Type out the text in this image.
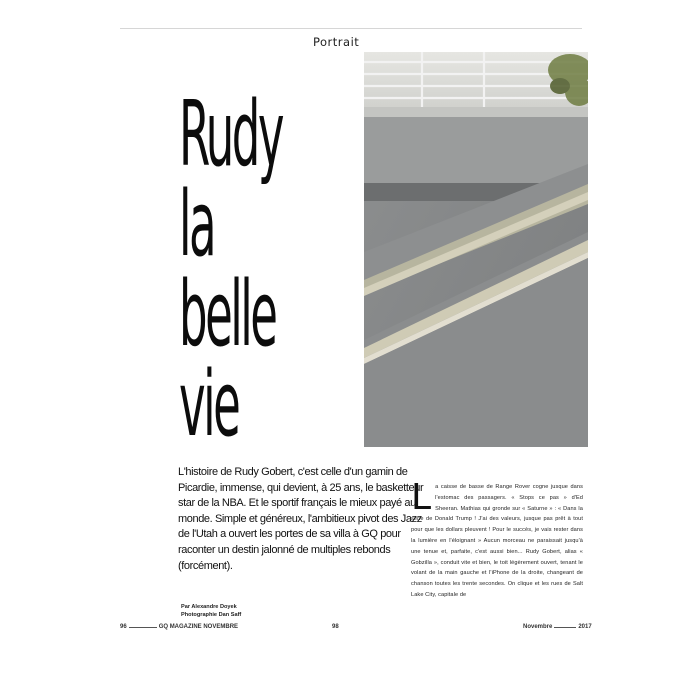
Portrait
Rudy
la
belle
vie

L'histoire de Rudy Gobert, c'est celle d'un gamin de Picardie, immense, qui devient, à 25 ans, le basketteur star de la NBA. Et le sportif français le mieux payé au monde. Simple et généreux, l'ambitieux pivot des Jazz de l'Utah a ouvert les portes de sa villa à GQ pour raconter un destin jalonné de multiples rebonds (forcément).

Par Alexandre Doyek
Photographie Dan Saff

L a caisse de basse de Range Rover cogne jusque dans l'estomac des passagers. « Stops ce pas » d'Ed Sheeran. Mathias qui gronde sur « Saturne » : « Dans la série de Donald Trump ! J'ai des valeurs, jusque pas prêt à tout pour que les dollars pleuvent ! Pour le succès, je vais rester dans la lumière en l'éloignant » Aucun morceau ne paraissait jusqu'à une tenue et, parfaite, c'est aussi bien... Rudy Gobert, alias « Gobzilla », conduit vite et bien, le toit légèrement ouvert, tenant le volant de la main gauche et l'iPhone de la droite, changeant de chanson toutes les trente secondes. On clique et les rues de Salt Lake City, capitale de

96	GQ MAGAZINE NOVEMBRE	98	Novembre	2017
